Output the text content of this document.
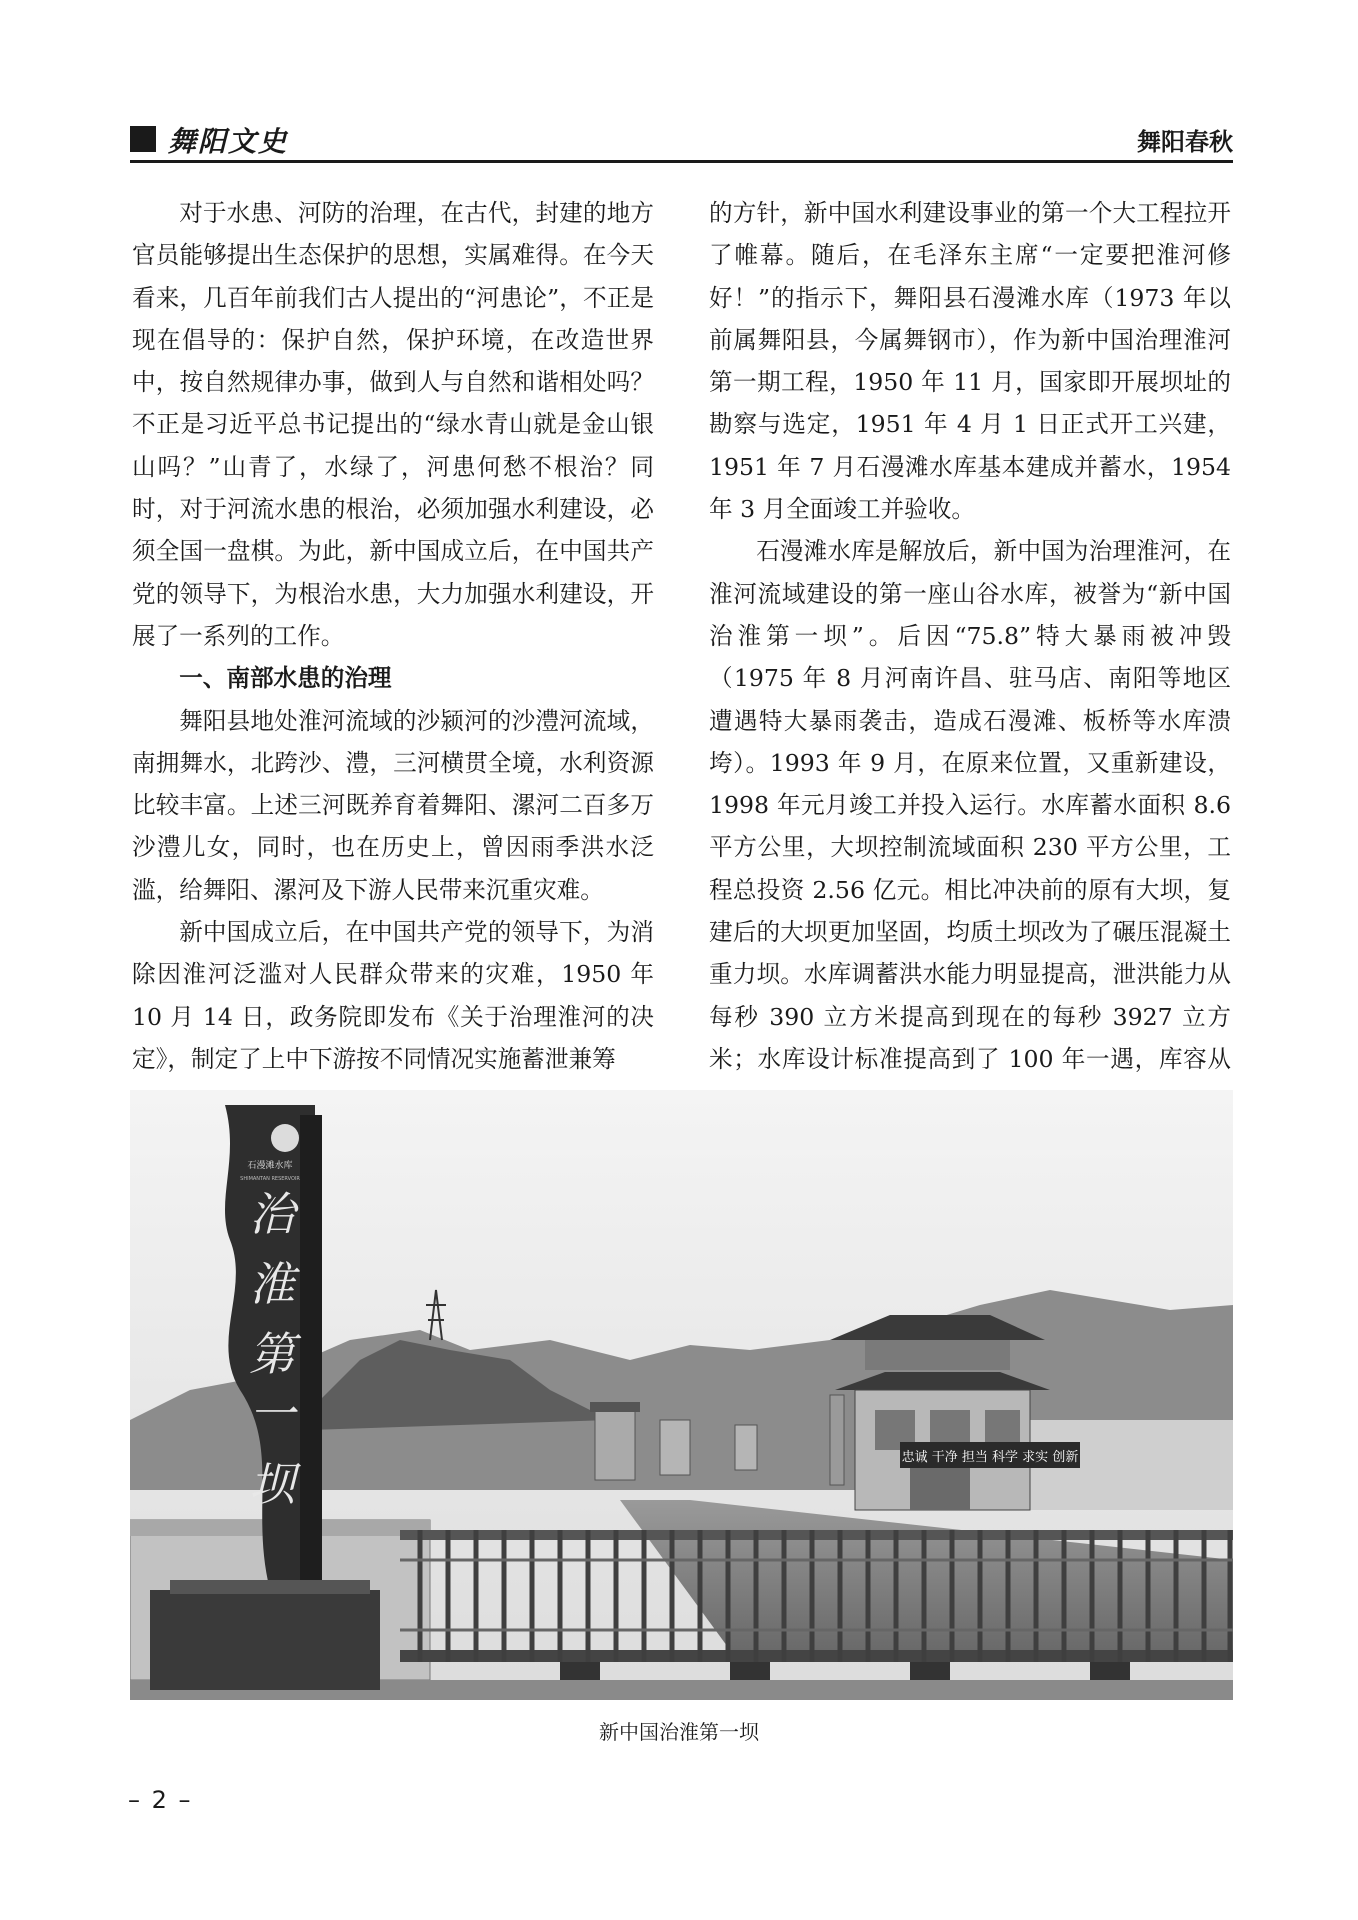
舞阳文史	舞阳春秋

对于水患、河防的治理，在古代，封建的地方官员能够提出生态保护的思想，实属难得。在今天看来，几百年前我们古人提出的“河患论”，不正是现在倡导的：保护自然，保护环境，在改造世界中，按自然规律办事，做到人与自然和谐相处吗？不正是习近平总书记提出的“绿水青山就是金山银山吗？”山青了，水绿了，河患何愁不根治？同时，对于河流水患的根治，必须加强水利建设，必须全国一盘棋。为此，新中国成立后，在中国共产党的领导下，为根治水患，大力加强水利建设，开展了一系列的工作。

一、南部水患的治理

舞阳县地处淮河流域的沙颍河的沙澧河流域，南拥舞水，北跨沙、澧，三河横贯全境，水利资源比较丰富。上述三河既养育着舞阳、漯河二百多万沙澧儿女，同时，也在历史上，曾因雨季洪水泛滥，给舞阳、漯河及下游人民带来沉重灾难。

新中国成立后，在中国共产党的领导下，为消除因淮河泛滥对人民群众带来的灾难，1950 年 10 月 14 日，政务院即发布《关于治理淮河的决定》，制定了上中下游按不同情况实施蓄泄兼筹

的方针，新中国水利建设事业的第一个大工程拉开了帷幕。随后，在毛泽东主席“一定要把淮河修好！”的指示下，舞阳县石漫滩水库（1973 年以前属舞阳县，今属舞钢市），作为新中国治理淮河第一期工程，1950 年 11 月，国家即开展坝址的勘察与选定，1951 年 4 月 1 日正式开工兴建，1951 年 7 月石漫滩水库基本建成并蓄水，1954 年 3 月全面竣工并验收。

石漫滩水库是解放后，新中国为治理淮河，在淮河流域建设的第一座山谷水库，被誉为“新中国治淮第一坝”。后因“75.8”特大暴雨被冲毁（1975 年 8 月河南许昌、驻马店、南阳等地区遭遇特大暴雨袭击，造成石漫滩、板桥等水库溃垮）。1993 年 9 月，在原来位置，又重新建设，1998 年元月竣工并投入运行。水库蓄水面积 8.6 平方公里，大坝控制流域面积 230 平方公里，工程总投资 2.56 亿元。相比冲决前的原有大坝，复建后的大坝更加坚固，均质土坝改为了碾压混凝土重力坝。水库调蓄洪水能力明显提高，泄洪能力从每秒 390 立方米提高到现在的每秒 3927 立方米；水库设计标准提高到了 100 年一遇，库容从

忠诚 干净 担当 科学 求实 创新
石漫滩水库
SHIMANTAN RESERVOIR
治
淮
第
一
坝
新中国治淮第一坝
– 2 –
